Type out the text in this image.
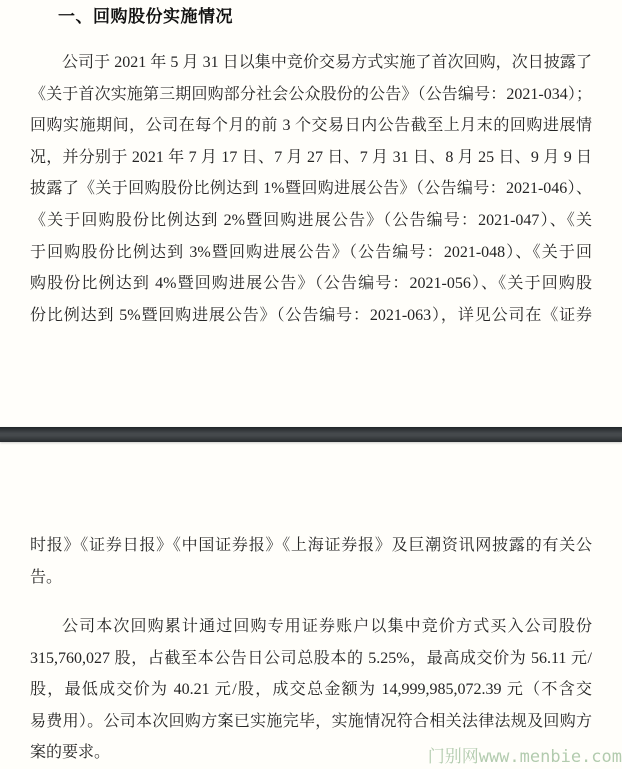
一、回购股份实施情况
公司于 2021 年 5 月 31 日以集中竞价交易方式实施了首次回购，次日披露了
《关于首次实施第三期回购部分社会公众股份的公告》（公告编号：2021-034）；
回购实施期间，公司在每个月的前 3 个交易日内公告截至上月末的回购进展情
况，并分别于 2021 年 7 月 17 日、7 月 27 日、7 月 31 日、8 月 25 日、9 月 9 日
披露了《关于回购股份比例达到 1%暨回购进展公告》（公告编号：2021-046）、
《关于回购股份比例达到 2%暨回购进展公告》（公告编号：2021-047）、《关
于回购股份比例达到 3%暨回购进展公告》（公告编号：2021-048）、《关于回
购股份比例达到 4%暨回购进展公告》（公告编号：2021-056）、《关于回购股
份比例达到 5%暨回购进展公告》（公告编号：2021-063），详见公司在《证券
时报》《证券日报》《中国证券报》《上海证券报》及巨潮资讯网披露的有关公
告。
公司本次回购累计通过回购专用证券账户以集中竞价方式买入公司股份
315,760,027 股，占截至本公告日公司总股本的 5.25%，最高成交价为 56.11 元/
股，最低成交价为 40.21 元/股，成交总金额为 14,999,985,072.39 元（不含交
易费用）。公司本次回购方案已实施完毕，实施情况符合相关法律法规及回购方
案的要求。	门别网www.menbie.com
